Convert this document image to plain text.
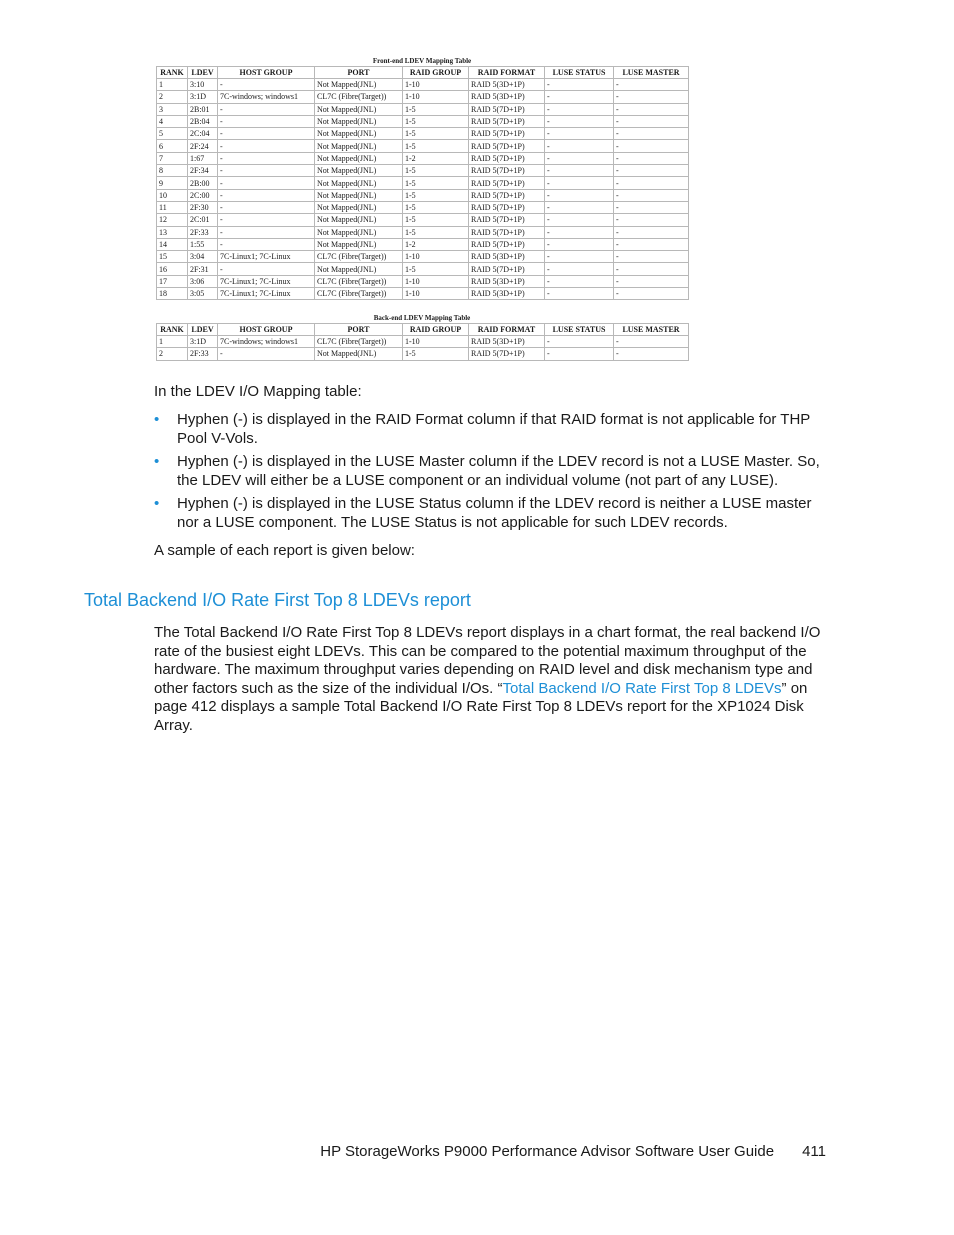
Front-end LDEV Mapping Table
RANK	LDEV	HOST GROUP	PORT	RAID GROUP	RAID FORMAT	LUSE STATUS	LUSE MASTER
1	3:10	-	Not Mapped(JNL)	1-10	RAID 5(3D+1P)	-	-
2	3:1D	7C-windows; windows1	CL7C (Fibre(Target))	1-10	RAID 5(3D+1P)	-	-
3	2B:01	-	Not Mapped(JNL)	1-5	RAID 5(7D+1P)	-	-
4	2B:04	-	Not Mapped(JNL)	1-5	RAID 5(7D+1P)	-	-
5	2C:04	-	Not Mapped(JNL)	1-5	RAID 5(7D+1P)	-	-
6	2F:24	-	Not Mapped(JNL)	1-5	RAID 5(7D+1P)	-	-
7	1:67	-	Not Mapped(JNL)	1-2	RAID 5(7D+1P)	-	-
8	2F:34	-	Not Mapped(JNL)	1-5	RAID 5(7D+1P)	-	-
9	2B:00	-	Not Mapped(JNL)	1-5	RAID 5(7D+1P)	-	-
10	2C:00	-	Not Mapped(JNL)	1-5	RAID 5(7D+1P)	-	-
11	2F:30	-	Not Mapped(JNL)	1-5	RAID 5(7D+1P)	-	-
12	2C:01	-	Not Mapped(JNL)	1-5	RAID 5(7D+1P)	-	-
13	2F:33	-	Not Mapped(JNL)	1-5	RAID 5(7D+1P)	-	-
14	1:55	-	Not Mapped(JNL)	1-2	RAID 5(7D+1P)	-	-
15	3:04	7C-Linux1; 7C-Linux	CL7C (Fibre(Target))	1-10	RAID 5(3D+1P)	-	-
16	2F:31	-	Not Mapped(JNL)	1-5	RAID 5(7D+1P)	-	-
17	3:06	7C-Linux1; 7C-Linux	CL7C (Fibre(Target))	1-10	RAID 5(3D+1P)	-	-
18	3:05	7C-Linux1; 7C-Linux	CL7C (Fibre(Target))	1-10	RAID 5(3D+1P)	-	-
Back-end LDEV Mapping Table
RANK	LDEV	HOST GROUP	PORT	RAID GROUP	RAID FORMAT	LUSE STATUS	LUSE MASTER
1	3:1D	7C-windows; windows1	CL7C (Fibre(Target))	1-10	RAID 5(3D+1P)	-	-
2	2F:33	-	Not Mapped(JNL)	1-5	RAID 5(7D+1P)	-	-
In the LDEV I/O Mapping table:
• Hyphen (-) is displayed in the RAID Format column if that RAID format is not applicable for THP Pool V-Vols.
• Hyphen (-) is displayed in the LUSE Master column if the LDEV record is not a LUSE Master. So, the LDEV will either be a LUSE component or an individual volume (not part of any LUSE).
• Hyphen (-) is displayed in the LUSE Status column if the LDEV record is neither a LUSE master nor a LUSE component. The LUSE Status is not applicable for such LDEV records.
A sample of each report is given below:
Total Backend I/O Rate First Top 8 LDEVs report
The Total Backend I/O Rate First Top 8 LDEVs report displays in a chart format, the real backend I/O rate of the busiest eight LDEVs. This can be compared to the potential maximum throughput of the hardware. The maximum throughput varies depending on RAID level and disk mechanism type and other factors such as the size of the individual I/Os. “Total Backend I/O Rate First Top 8 LDEVs” on page 412 displays a sample Total Backend I/O Rate First Top 8 LDEVs report for the XP1024 Disk Array.
HP StorageWorks P9000 Performance Advisor Software User Guide 411
